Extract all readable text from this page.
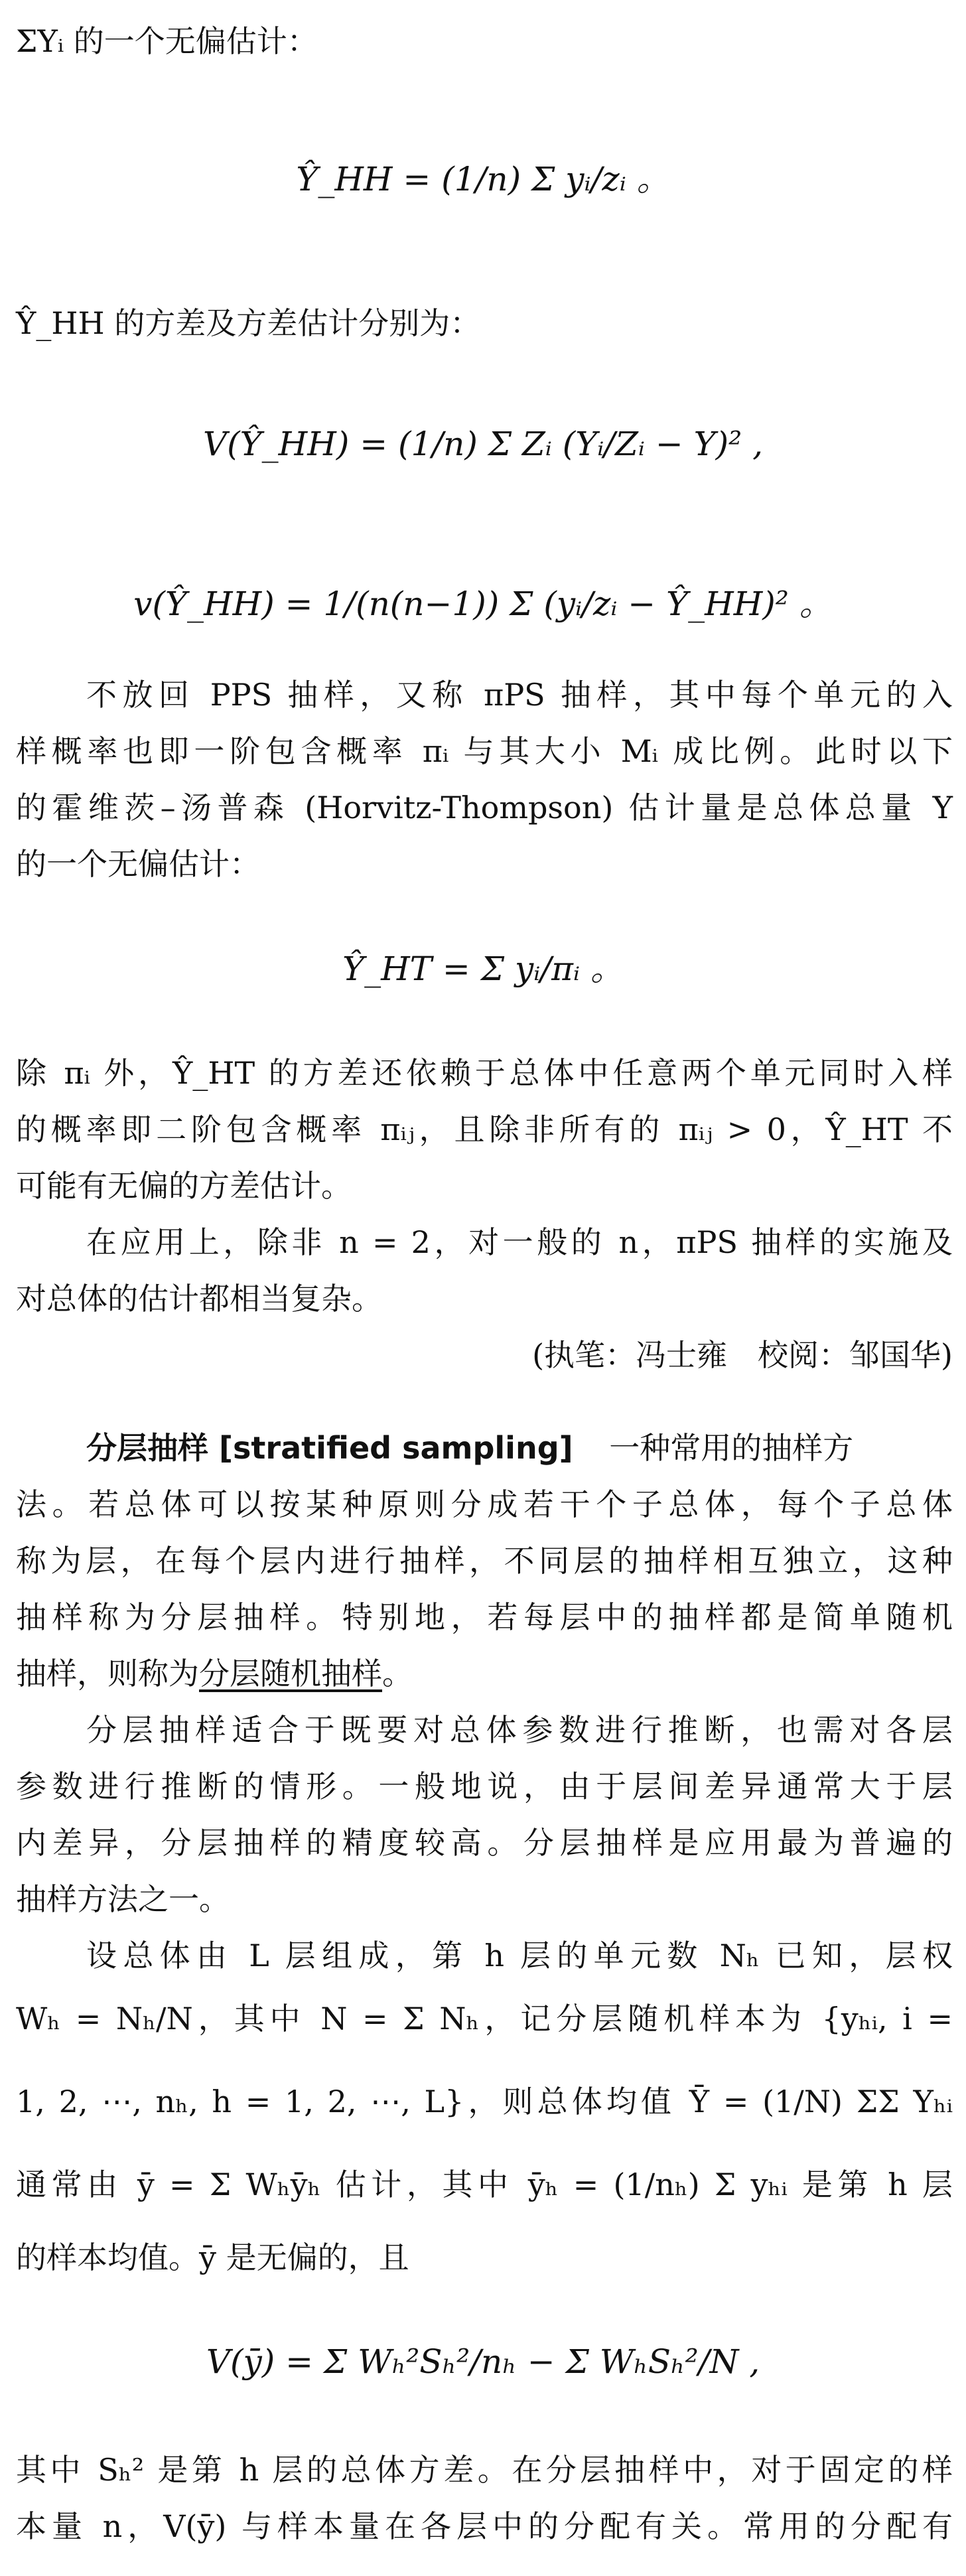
ΣYᵢ 的一个无偏估计：
Ŷ_HH = (1/n) Σ yᵢ/zᵢ 。
Ŷ_HH 的方差及方差估计分别为：
V(Ŷ_HH) = (1/n) Σ Zᵢ (Yᵢ/Zᵢ − Y)² ,
v(Ŷ_HH) = 1/(n(n−1)) Σ (yᵢ/zᵢ − Ŷ_HH)² 。
不放回 PPS 抽样，又称 πPS 抽样，其中每个单元的入
样概率也即一阶包含概率 πᵢ 与其大小 Mᵢ 成比例。此时以下
的霍维茨–汤普森 (Horvitz-Thompson) 估计量是总体总量 Y
的一个无偏估计：
Ŷ_HT = Σ yᵢ/πᵢ 。
除 πᵢ 外，Ŷ_HT 的方差还依赖于总体中任意两个单元同时入样
的概率即二阶包含概率 πᵢⱼ，且除非所有的 πᵢⱼ > 0，Ŷ_HT 不
可能有无偏的方差估计。
在应用上，除非 n = 2，对一般的 n，πPS 抽样的实施及
对总体的估计都相当复杂。
(执笔：冯士雍　校阅：邹国华)
分层抽样 [stratified sampling] 一种常用的抽样方
法。若总体可以按某种原则分成若干个子总体，每个子总体
称为层，在每个层内进行抽样，不同层的抽样相互独立，这种
抽样称为分层抽样。特别地，若每层中的抽样都是简单随机
抽样，则称为分层随机抽样。
分层抽样适合于既要对总体参数进行推断，也需对各层
参数进行推断的情形。一般地说，由于层间差异通常大于层
内差异，分层抽样的精度较高。分层抽样是应用最为普遍的
抽样方法之一。
设总体由 L 层组成，第 h 层的单元数 Nₕ 已知，层权
Wₕ = Nₕ/N，其中 N = Σ Nₕ，记分层随机样本为 {yₕᵢ, i =
1, 2, ⋯, nₕ, h = 1, 2, ⋯, L}，则总体均值 Ȳ = (1/N) ΣΣ Yₕᵢ
通常由 ȳ = Σ Wₕȳₕ 估计，其中 ȳₕ = (1/nₕ) Σ yₕᵢ 是第 h 层
的样本均值。ȳ 是无偏的，且
V(ȳ) = Σ Wₕ²Sₕ²/nₕ − Σ WₕSₕ²/N ,
其中 Sₕ² 是第 h 层的总体方差。在分层抽样中，对于固定的样
本量 n，V(ȳ) 与样本量在各层中的分配有关。常用的分配有
